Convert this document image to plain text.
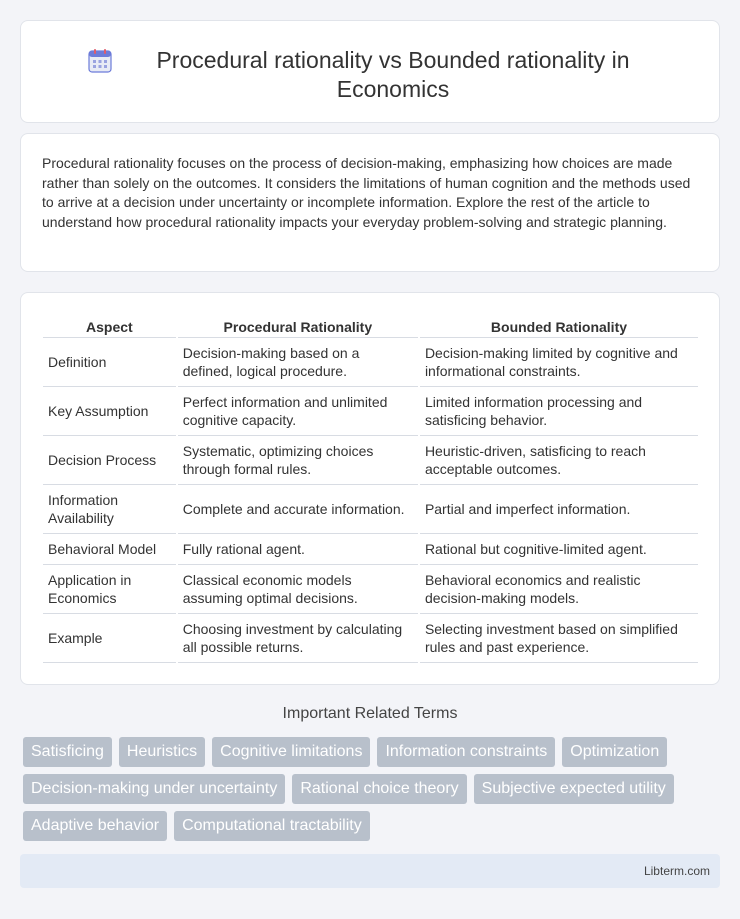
Procedural rationality vs Bounded rationality in Economics

Procedural rationality focuses on the process of decision-making, emphasizing how choices are made rather than solely on the outcomes. It considers the limitations of human cognition and the methods used to arrive at a decision under uncertainty or incomplete information. Explore the rest of the article to understand how procedural rationality impacts your everyday problem-solving and strategic planning.

Aspect	Procedural Rationality	Bounded Rationality
Definition	Decision-making based on a defined, logical procedure.	Decision-making limited by cognitive and informational constraints.
Key Assumption	Perfect information and unlimited cognitive capacity.	Limited information processing and satisficing behavior.
Decision Process	Systematic, optimizing choices through formal rules.	Heuristic-driven, satisficing to reach acceptable outcomes.
Information Availability	Complete and accurate information.	Partial and imperfect information.
Behavioral Model	Fully rational agent.	Rational but cognitive-limited agent.
Application in Economics	Classical economic models assuming optimal decisions.	Behavioral economics and realistic decision-making models.
Example	Choosing investment by calculating all possible returns.	Selecting investment based on simplified rules and past experience.
Important Related Terms
Satisficing	Heuristics	Cognitive limitations	Information constraints	Optimization
Decision-making under uncertainty	Rational choice theory	Subjective expected utility
Adaptive behavior	Computational tractability
Libterm.com
